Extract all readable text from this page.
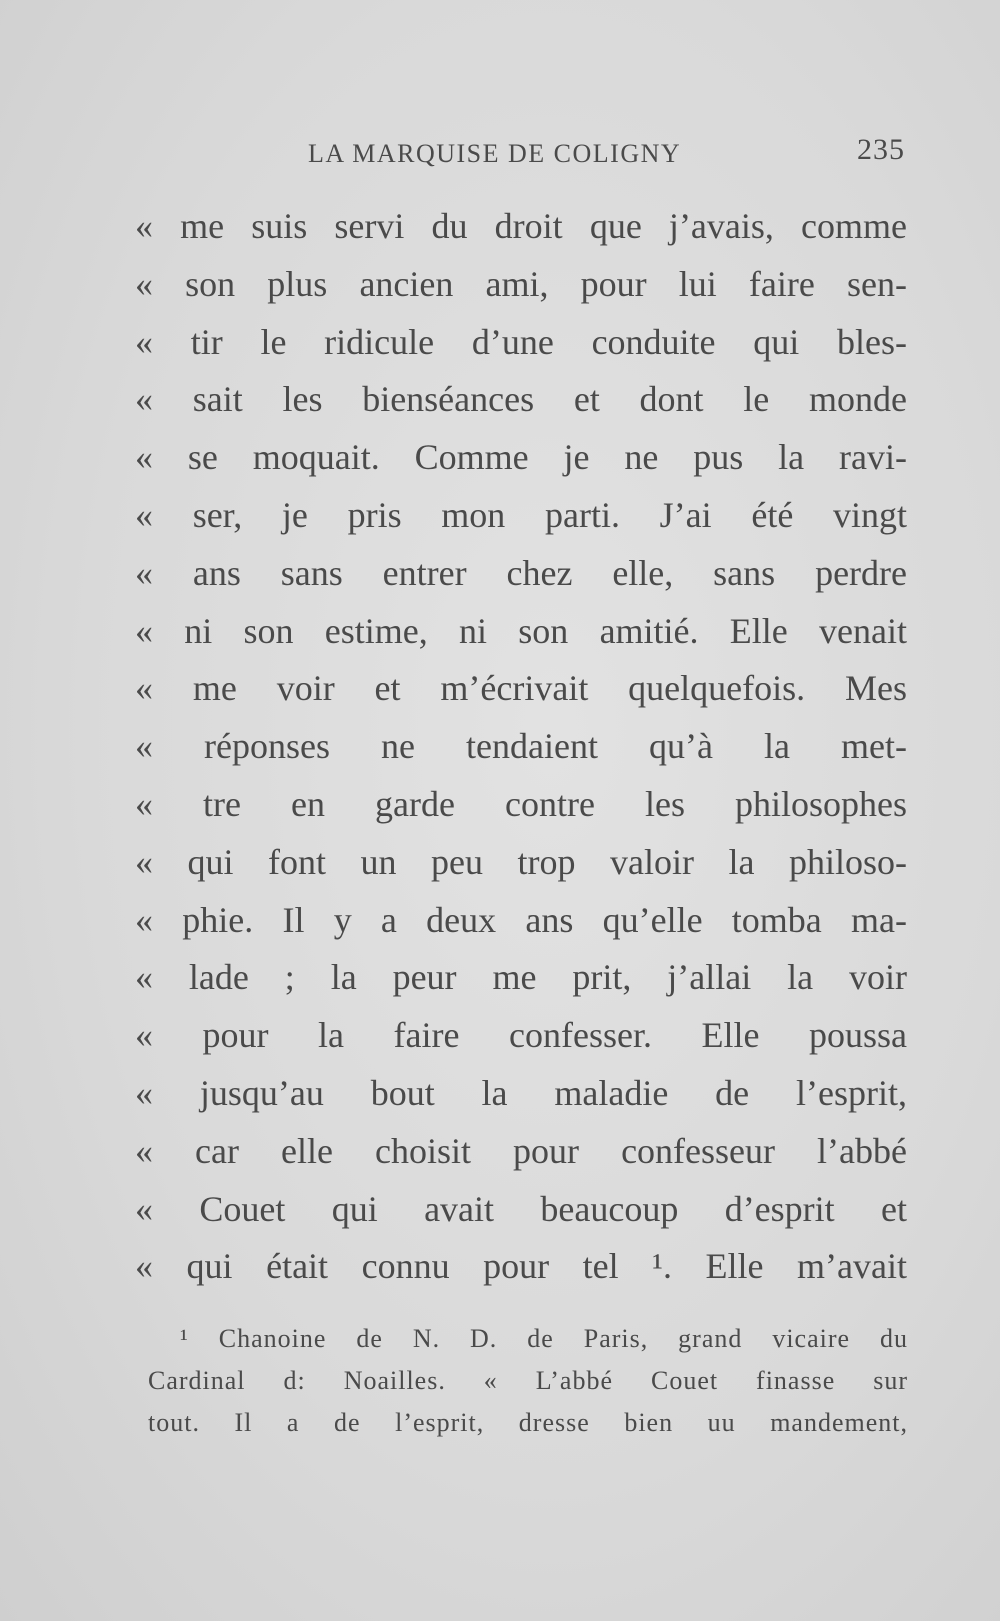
LA MARQUISE DE COLIGNY	235
« me suis servi du droit que j’avais, comme
« son plus ancien ami, pour lui faire sen-
« tir le ridicule d’une conduite qui bles-
« sait les bienséances et dont le monde
« se moquait. Comme je ne pus la ravi-
« ser, je pris mon parti. J’ai été vingt
« ans sans entrer chez elle, sans perdre
« ni son estime, ni son amitié. Elle venait
« me voir et m’écrivait quelquefois. Mes
« réponses ne tendaient qu’à la met-
« tre en garde contre les philosophes
« qui font un peu trop valoir la philoso-
« phie. Il y a deux ans qu’elle tomba ma-
« lade ; la peur me prit, j’allai la voir
« pour la faire confesser. Elle poussa
« jusqu’au bout la maladie de l’esprit,
« car elle choisit pour confesseur l’abbé
« Couet qui avait beaucoup d’esprit et
« qui était connu pour tel ¹. Elle m’avait
¹ Chanoine de N. D. de Paris, grand vicaire du
Cardinal d: Noailles. « L’abbé Couet finasse sur
tout. Il a de l’esprit, dresse bien uu mandement,
